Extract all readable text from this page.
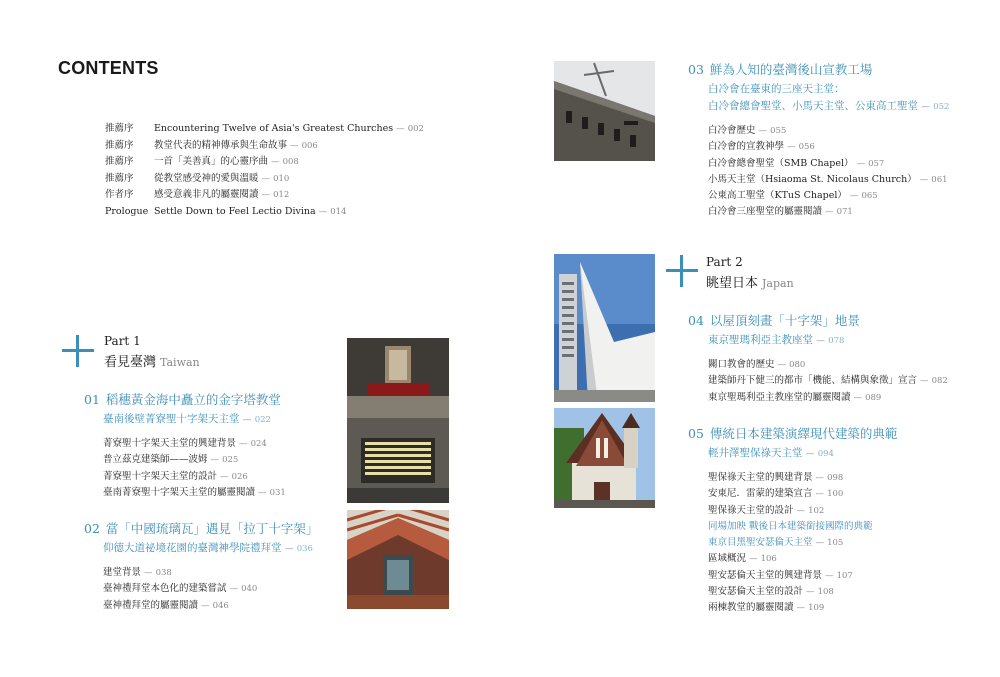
CONTENTS
推薦序 Encountering Twelve of Asia's Greatest Churches — 002
推薦序 教堂代表的精神傳承與生命故事 — 006
推薦序 一首「美善真」的心靈序曲 — 008
推薦序 從教堂感受神的愛與溫暖 — 010
作者序 感受意義非凡的屬靈閱讀 — 012
Prologue Settle Down to Feel Lectio Divina — 014
Part 1
看見臺灣 Taiwan
01 稻穗黃金海中矗立的金字塔教堂
臺南後壁菁寮聖十字架天主堂 — 022
菁寮聖十字架天主堂的興建背景 — 024
普立茲克建築師——波姆 — 025
菁寮聖十字架天主堂的設計 — 026
臺南菁寮聖十字架天主堂的屬靈閱讀 — 031
02 當「中國琉璃瓦」遇見「拉丁十字架」
仰德大道祕境花園的臺灣神學院禮拜堂 — 036
建堂背景 — 038
臺神禮拜堂本色化的建築嘗試 — 040
臺神禮拜堂的屬靈閱讀 — 046
03 鮮為人知的臺灣後山宣教工場
白冷會在臺東的三座天主堂：
白冷會總會聖堂、小馬天主堂、公東高工聖堂 — 052
白冷會歷史 — 055
白冷會的宣教神學 — 056
白冷會總會聖堂（SMB Chapel） — 057
小馬天主堂（Hsiaoma St. Nicolaus Church） — 061
公東高工聖堂（KTuS Chapel） — 065
白冷會三座聖堂的屬靈閱讀 — 071
Part 2
眺望日本 Japan
04 以屋頂刻畫「十字架」地景
東京聖瑪利亞主教座堂 — 078
關口教會的歷史 — 080
建築師丹下健三的都市「機能、結構與象徵」宣言 — 082
東京聖瑪利亞主教座堂的屬靈閱讀 — 089
05 傳統日本建築演繹現代建築的典範
輕井澤聖保祿天主堂 — 094
聖保祿天主堂的興建背景 — 098
安東尼．雷蒙的建築宣言 — 100
聖保祿天主堂的設計 — 102
同場加映 戰後日本建築銜接國際的典範
東京目黑聖安瑟倫天主堂 — 105
區域概況 — 106
聖安瑟倫天主堂的興建背景 — 107
聖安瑟倫天主堂的設計 — 108
兩棟教堂的屬靈閱讀 — 109
